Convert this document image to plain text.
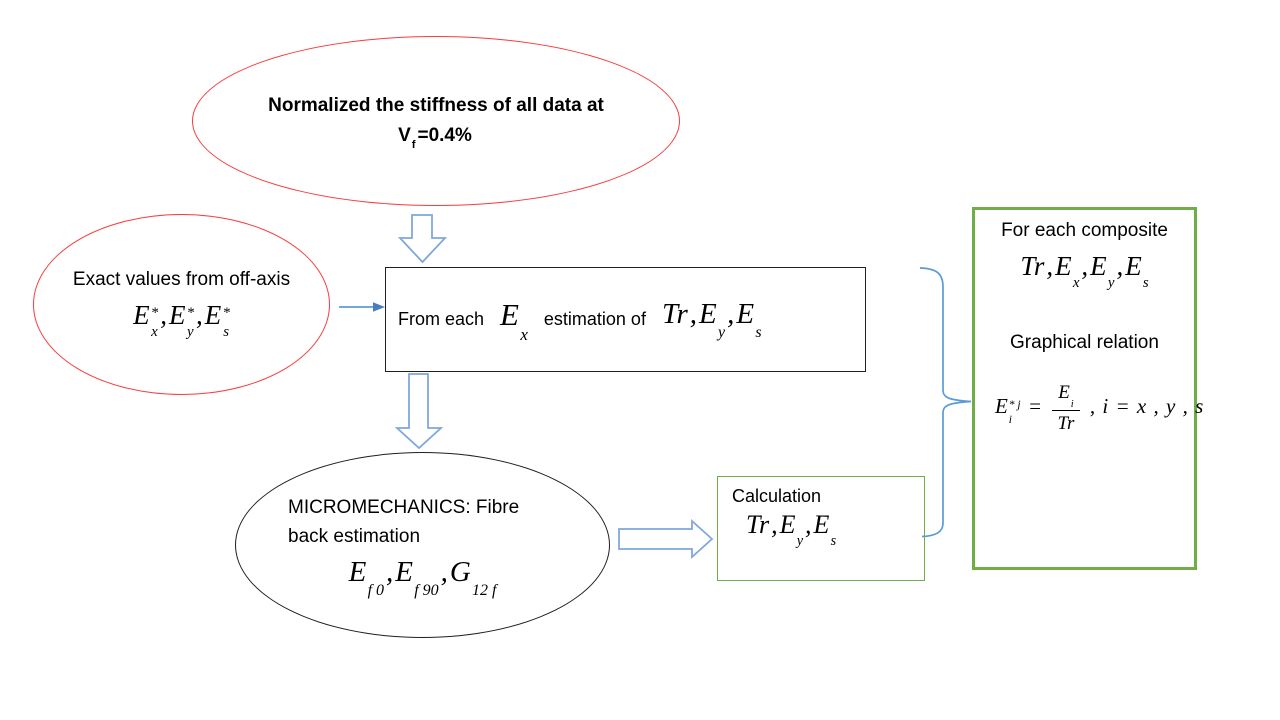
Normalized the stiffness of all data at
V
f =0.4%
Exact values from off-axis
E *
x
, E *
y
, E *
s
From each E

x
estimation of Tr , E

y
, E

s
MICROMECHANICS: Fibre
back estimation
E

f 0
, E

f 90
, G

12 f
Calculation
Tr , E

y
, E

s
For each composite
Tr , E

x
, E

y
, E

s
Graphical relation
E * j
i
= E

i
Tr , i = x , y , s
